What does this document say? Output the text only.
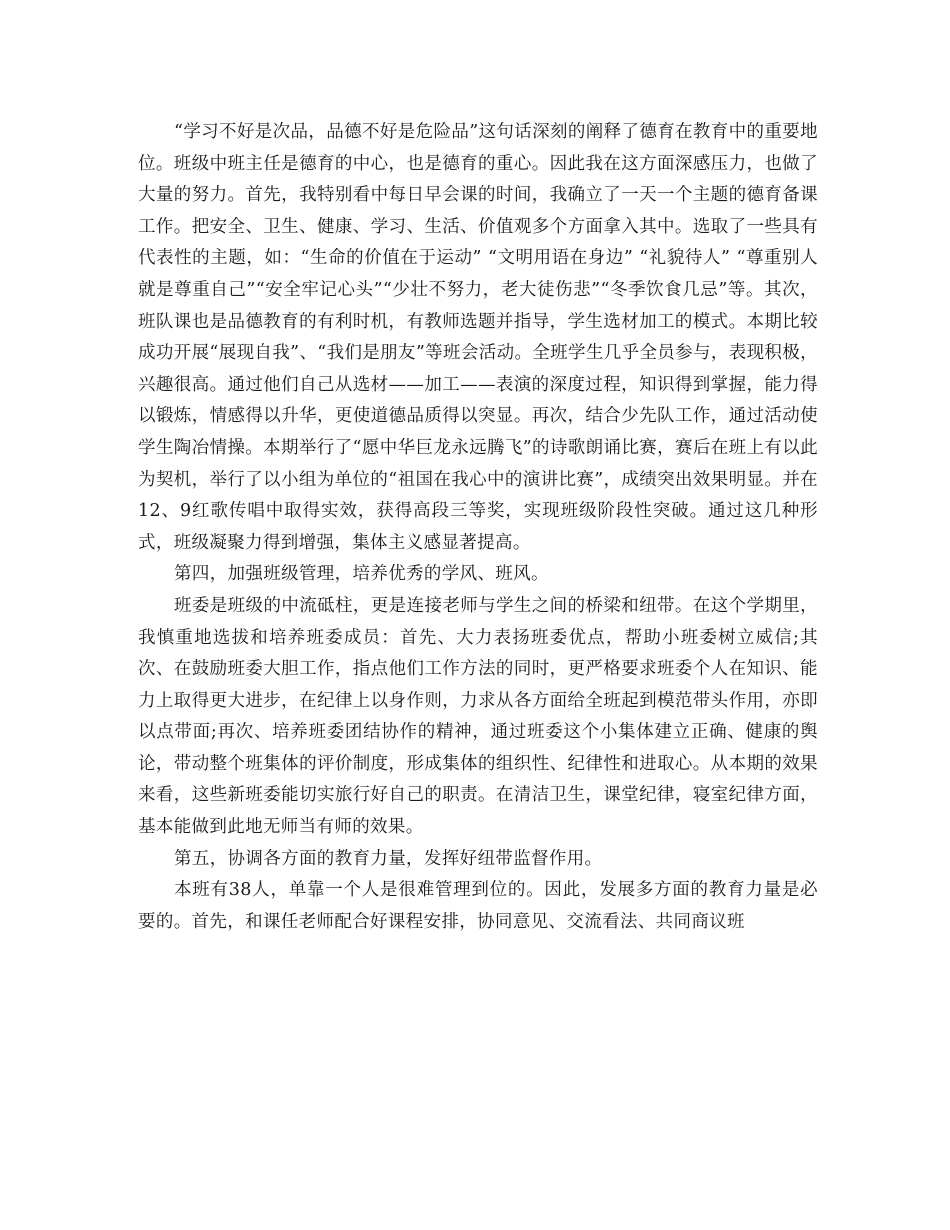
“学习不好是次品，品德不好是危险品”这句话深刻的阐释了德育在教育中的重要地位。班级中班主任是德育的中心，也是德育的重心。因此我在这方面深感压力，也做了大量的努力。首先，我特别看中每日早会课的时间，我确立了一天一个主题的德育备课工作。把安全、卫生、健康、学习、生活、价值观多个方面拿入其中。选取了一些具有代表性的主题，如：“生命的价值在于运动” “文明用语在身边” “礼貌待人” “尊重别人就是尊重自己”“安全牢记心头”“少壮不努力，老大徒伤悲”“冬季饮食几忌”等。其次，班队课也是品德教育的有利时机，有教师选题并指导，学生选材加工的模式。本期比较成功开展“展现自我”、“我们是朋友”等班会活动。全班学生几乎全员参与，表现积极，兴趣很高。通过他们自己从选材——加工——表演的深度过程，知识得到掌握，能力得以锻炼，情感得以升华，更使道德品质得以突显。再次，结合少先队工作，通过活动使学生陶冶情操。本期举行了“愿中华巨龙永远腾飞”的诗歌朗诵比赛，赛后在班上有以此为契机，举行了以小组为单位的“祖国在我心中的演讲比赛”，成绩突出效果明显。并在12、9红歌传唱中取得实效，获得高段三等奖，实现班级阶段性突破。通过这几种形式，班级凝聚力得到增强，集体主义感显著提高。

第四，加强班级管理，培养优秀的学风、班风。

班委是班级的中流砥柱，更是连接老师与学生之间的桥梁和纽带。在这个学期里，我慎重地选拔和培养班委成员：首先、大力表扬班委优点，帮助小班委树立威信;其次、在鼓励班委大胆工作，指点他们工作方法的同时，更严格要求班委个人在知识、能力上取得更大进步，在纪律上以身作则，力求从各方面给全班起到模范带头作用，亦即以点带面;再次、培养班委团结协作的精神，通过班委这个小集体建立正确、健康的舆论，带动整个班集体的评价制度，形成集体的组织性、纪律性和进取心。从本期的效果来看，这些新班委能切实旅行好自己的职责。在清洁卫生，课堂纪律，寝室纪律方面，基本能做到此地无师当有师的效果。

第五，协调各方面的教育力量，发挥好纽带监督作用。

本班有38人，单靠一个人是很难管理到位的。因此，发展多方面的教育力量是必要的。首先，和课任老师配合好课程安排，协同意见、交流看法、共同商议班
